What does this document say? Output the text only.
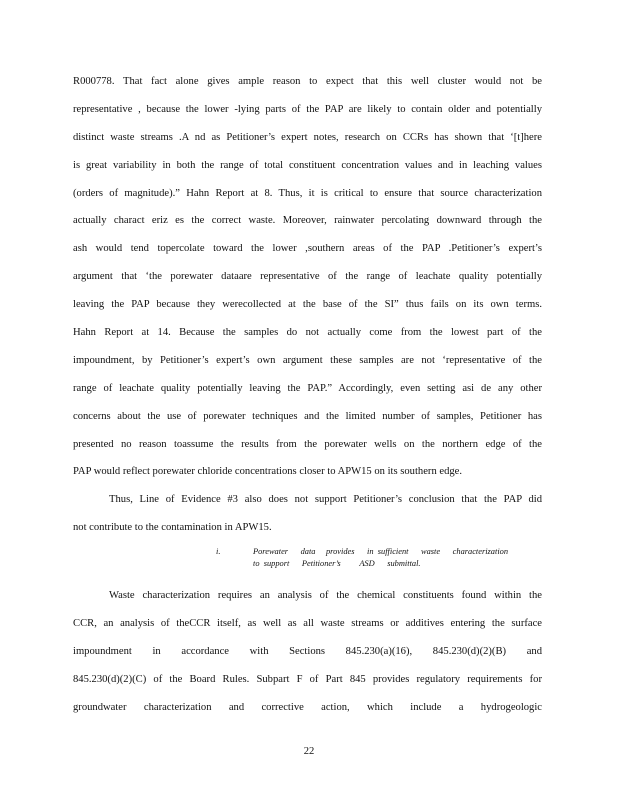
R000778. That fact alone gives ample reason to expect that this well cluster would not be
representative , because the lower -lying parts of the PAP are likely to contain older and potentially
distinct waste streams .A nd as Petitioner’s expert notes, research on CCRs has shown that ‘[t]here
is great variability in both the range of total constituent concentration values and in leaching values
(orders of magnitude).” Hahn Report at 8. Thus, it is critical to ensure that source characterization
actually charact eriz es the correct waste. Moreover, rainwater percolating downward through the
ash would tend topercolate toward the lower ,southern areas of the PAP .Petitioner’s expert’s
argument that ‘the porewater dataare representative of the range of leachate quality potentially
leaving the PAP because they werecollected at the base of the SI” thus fails on its own terms.
Hahn Report at 14. Because the samples do not actually come from the lowest part of the
impoundment, by Petitioner’s expert’s own argument these samples are not ‘representative of the
range of leachate quality potentially leaving the PAP.” Accordingly, even setting asi de any other
concerns about the use of porewater techniques and the limited number of samples, Petitioner has
presented no reason toassume the results from the porewater wells on the northern edge of the
PAP would reflect porewater chloride concentrations closer to APW15 on its southern edge.
Thus, Line of Evidence #3 also does not support Petitioner’s conclusion that the PAP did
not contribute to the contamination in APW15.
i.	Porewater      data     provides      in  sufficient      waste      characterization
to  support      Petitioner’s         ASD      submittal.
Waste characterization requires an analysis of the chemical constituents found within the
CCR, an analysis of theCCR itself, as well as all waste streams or additives entering the surface
impoundment in accordance with Sections 845.230(a)(16), 845.230(d)(2)(B) and
845.230(d)(2)(C) of the Board Rules. Subpart F of Part 845 provides regulatory requirements for
groundwater characterization and corrective action, which include a hydrogeologic
22
